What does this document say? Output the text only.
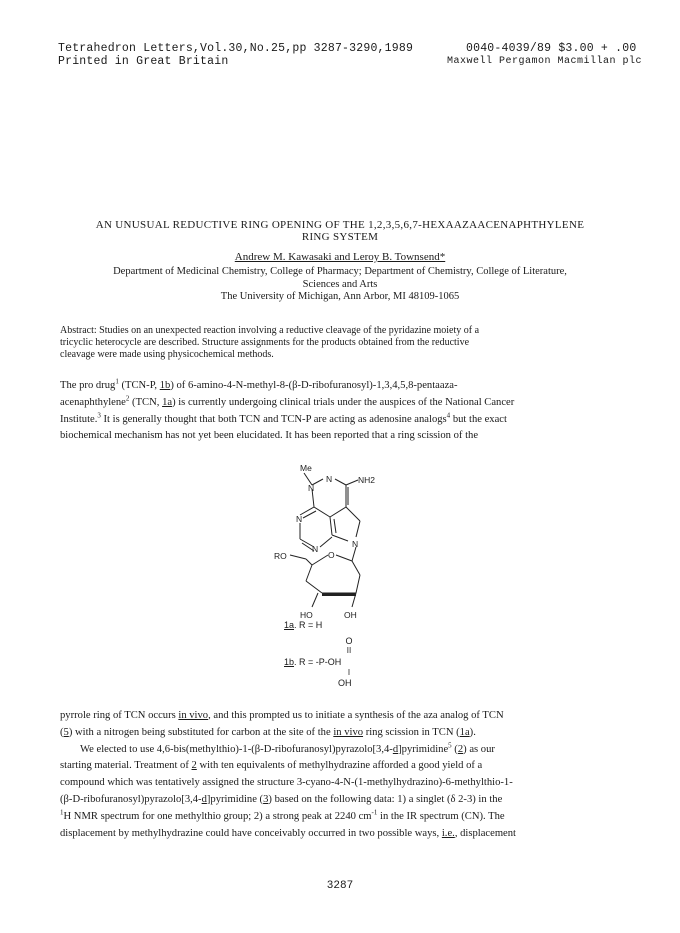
Tetrahedron Letters,Vol.30,No.25,pp 3287-3290,1989
Printed in Great Britain
0040-4039/89 $3.00 + .00
Maxwell Pergamon Macmillan plc
AN UNUSUAL REDUCTIVE RING OPENING OF THE 1,2,3,5,6,7-HEXAAZAACENAPHTHYLENE
RING SYSTEM
Andrew M. Kawasaki and Leroy B. Townsend*
Department of Medicinal Chemistry, College of Pharmacy; Department of Chemistry, College of Literature,
Sciences and Arts
The University of Michigan, Ann Arbor, MI 48109-1065
Abstract: Studies on an unexpected reaction involving a reductive cleavage of the pyridazine moiety of a
tricyclic heterocycle are described. Structure assignments for the products obtained from the reductive
cleavage were made using physicochemical methods.
The pro drug$^1$ (TCN-P, 1b) of 6-amino-4-N-methyl-8-(β-D-ribofuranosyl)-1,3,4,5,8-pentaaza-
acenaphthylene$^2$ (TCN, 1a) is currently undergoing clinical trials under the auspices of the National Cancer
Institute.$^3$ It is generally thought that both TCN and TCN-P are acting as adenosine analogs$^4$ but the exact
biochemical mechanism has not yet been elucidated. It has been reported that a ring scission of the
Me
N
N	NH2
N
N	N
RO	O
HO	OH
1a. R = H
O
II
1b. R = -P-OH
I
OH
pyrrole ring of TCN occurs in vivo, and this prompted us to initiate a synthesis of the aza analog of TCN
(5) with a nitrogen being substituted for carbon at the site of the in vivo ring scission in TCN (1a).
We elected to use 4,6-bis(methylthio)-1-(β-D-ribofuranosyl)pyrazolo[3,4-d]pyrimidine$^5$ (2) as our
starting material. Treatment of 2 with ten equivalents of methylhydrazine afforded a good yield of a
compound which was tentatively assigned the structure 3-cyano-4-N-(1-methylhydrazino)-6-methylthio-1-
(β-D-ribofuranosyl)pyrazolo[3,4-d]pyrimidine (3) based on the following data: 1) a singlet (δ 2-3) in the
$^1$H NMR spectrum for one methylthio group; 2) a strong peak at 2240 $cm^{-1}$ in the IR spectrum (CN). The
displacement by methylhydrazine could have conceivably occurred in two possible ways, i.e., displacement
3287
